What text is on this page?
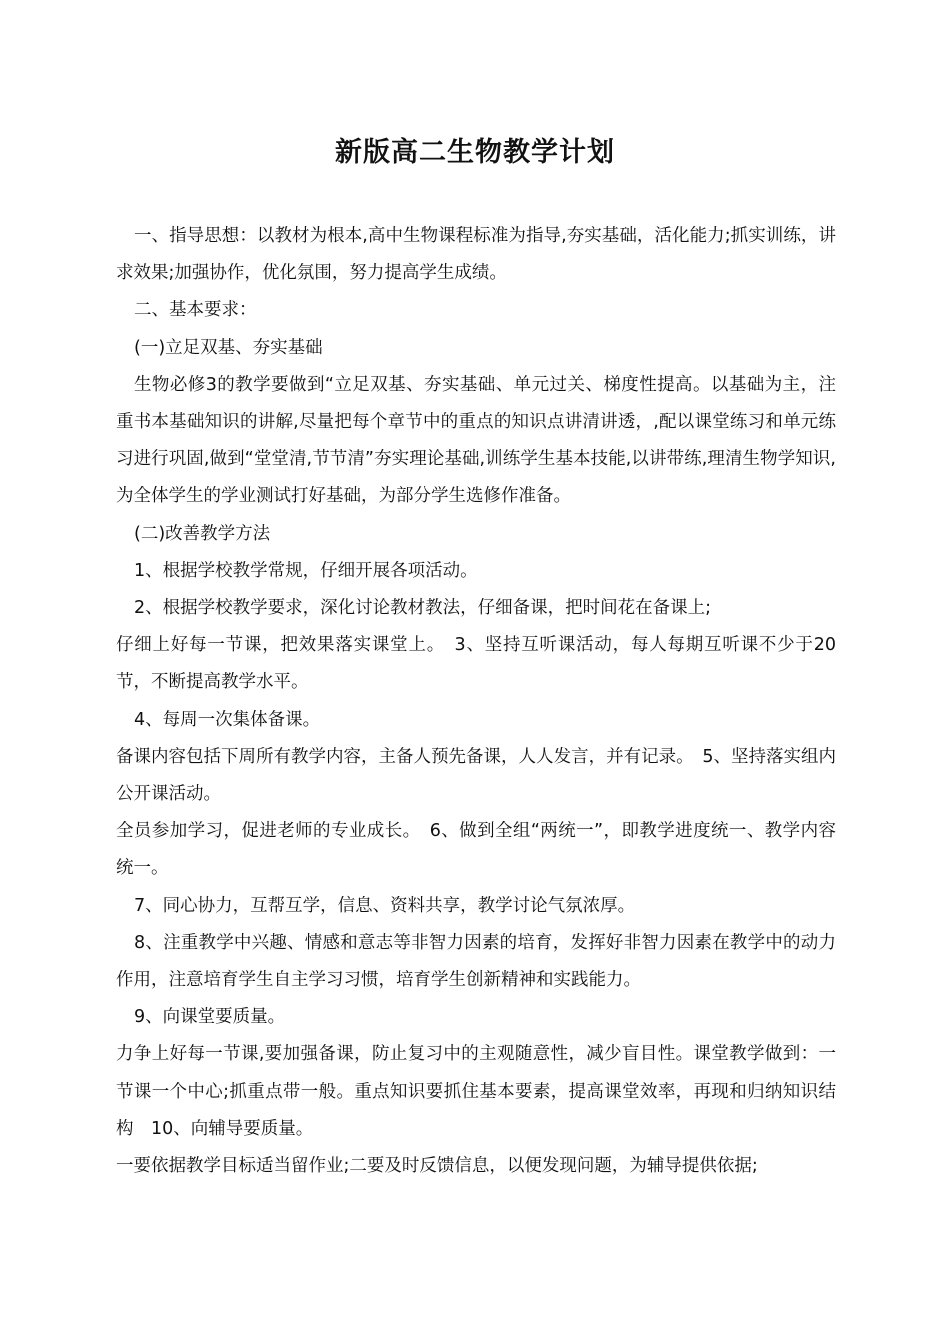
新版高二生物教学计划

一、指导思想：以教材为根本,高中生物课程标准为指导,夯实基础，活化能力;抓实训练，讲求效果;加强协作，优化氛围，努力提高学生成绩。

二、基本要求：

(一)立足双基、夯实基础

生物必修3的教学要做到“立足双基、夯实基础、单元过关、梯度性提高。以基础为主，注重书本基础知识的讲解,尽量把每个章节中的重点的知识点讲清讲透，,配以课堂练习和单元练习进行巩固,做到“堂堂清,节节清”夯实理论基础,训练学生基本技能,以讲带练,理清生物学知识,为全体学生的学业测试打好基础，为部分学生选修作准备。

(二)改善教学方法

1、根据学校教学常规，仔细开展各项活动。

2、根据学校教学要求，深化讨论教材教法，仔细备课，把时间花在备课上;

仔细上好每一节课，把效果落实课堂上。　3、坚持互听课活动，每人每期互听课不少于20节，不断提高教学水平。

4、每周一次集体备课。

备课内容包括下周所有教学内容，主备人预先备课，人人发言，并有记录。　5、坚持落实组内公开课活动。

全员参加学习，促进老师的专业成长。　6、做到全组“两统一”，即教学进度统一、教学内容统一。

7、同心协力，互帮互学，信息、资料共享，教学讨论气氛浓厚。

8、注重教学中兴趣、情感和意志等非智力因素的培育，发挥好非智力因素在教学中的动力作用，注意培育学生自主学习习惯，培育学生创新精神和实践能力。

9、向课堂要质量。

力争上好每一节课,要加强备课，防止复习中的主观随意性，减少盲目性。课堂教学做到：一节课一个中心;抓重点带一般。重点知识要抓住基本要素，提高课堂效率，再现和归纳知识结构　10、向辅导要质量。

一要依据教学目标适当留作业;二要及时反馈信息，以便发现问题，为辅导提供依据;
